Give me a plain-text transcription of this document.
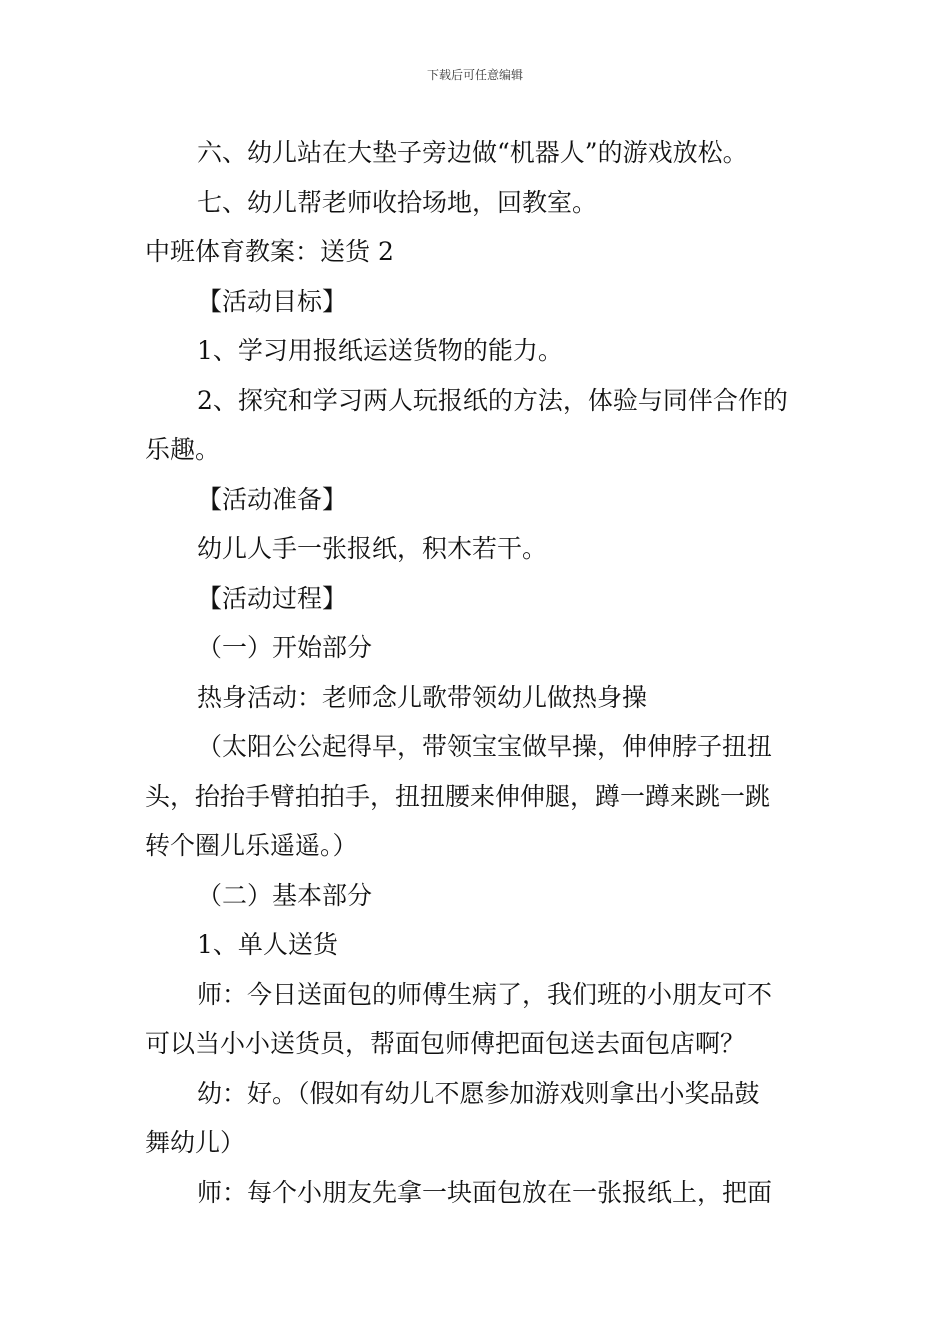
下载后可任意编辑

六、幼儿站在大垫子旁边做“机器人”的游戏放松。

七、幼儿帮老师收拾场地，回教室。

中班体育教案：送货 2

【活动目标】

1、学习用报纸运送货物的能力。

2、探究和学习两人玩报纸的方法，体验与同伴合作的

乐趣。

【活动准备】

幼儿人手一张报纸，积木若干。

【活动过程】

（一）开始部分

热身活动：老师念儿歌带领幼儿做热身操

（太阳公公起得早，带领宝宝做早操，伸伸脖子扭扭

头，抬抬手臂拍拍手，扭扭腰来伸伸腿，蹲一蹲来跳一跳

转个圈儿乐遥遥。）

（二）基本部分

1、单人送货

师：今日送面包的师傅生病了，我们班的小朋友可不

可以当小小送货员，帮面包师傅把面包送去面包店啊？

幼：好。（假如有幼儿不愿参加游戏则拿出小奖品鼓

舞幼儿）

师：每个小朋友先拿一块面包放在一张报纸上，把面
